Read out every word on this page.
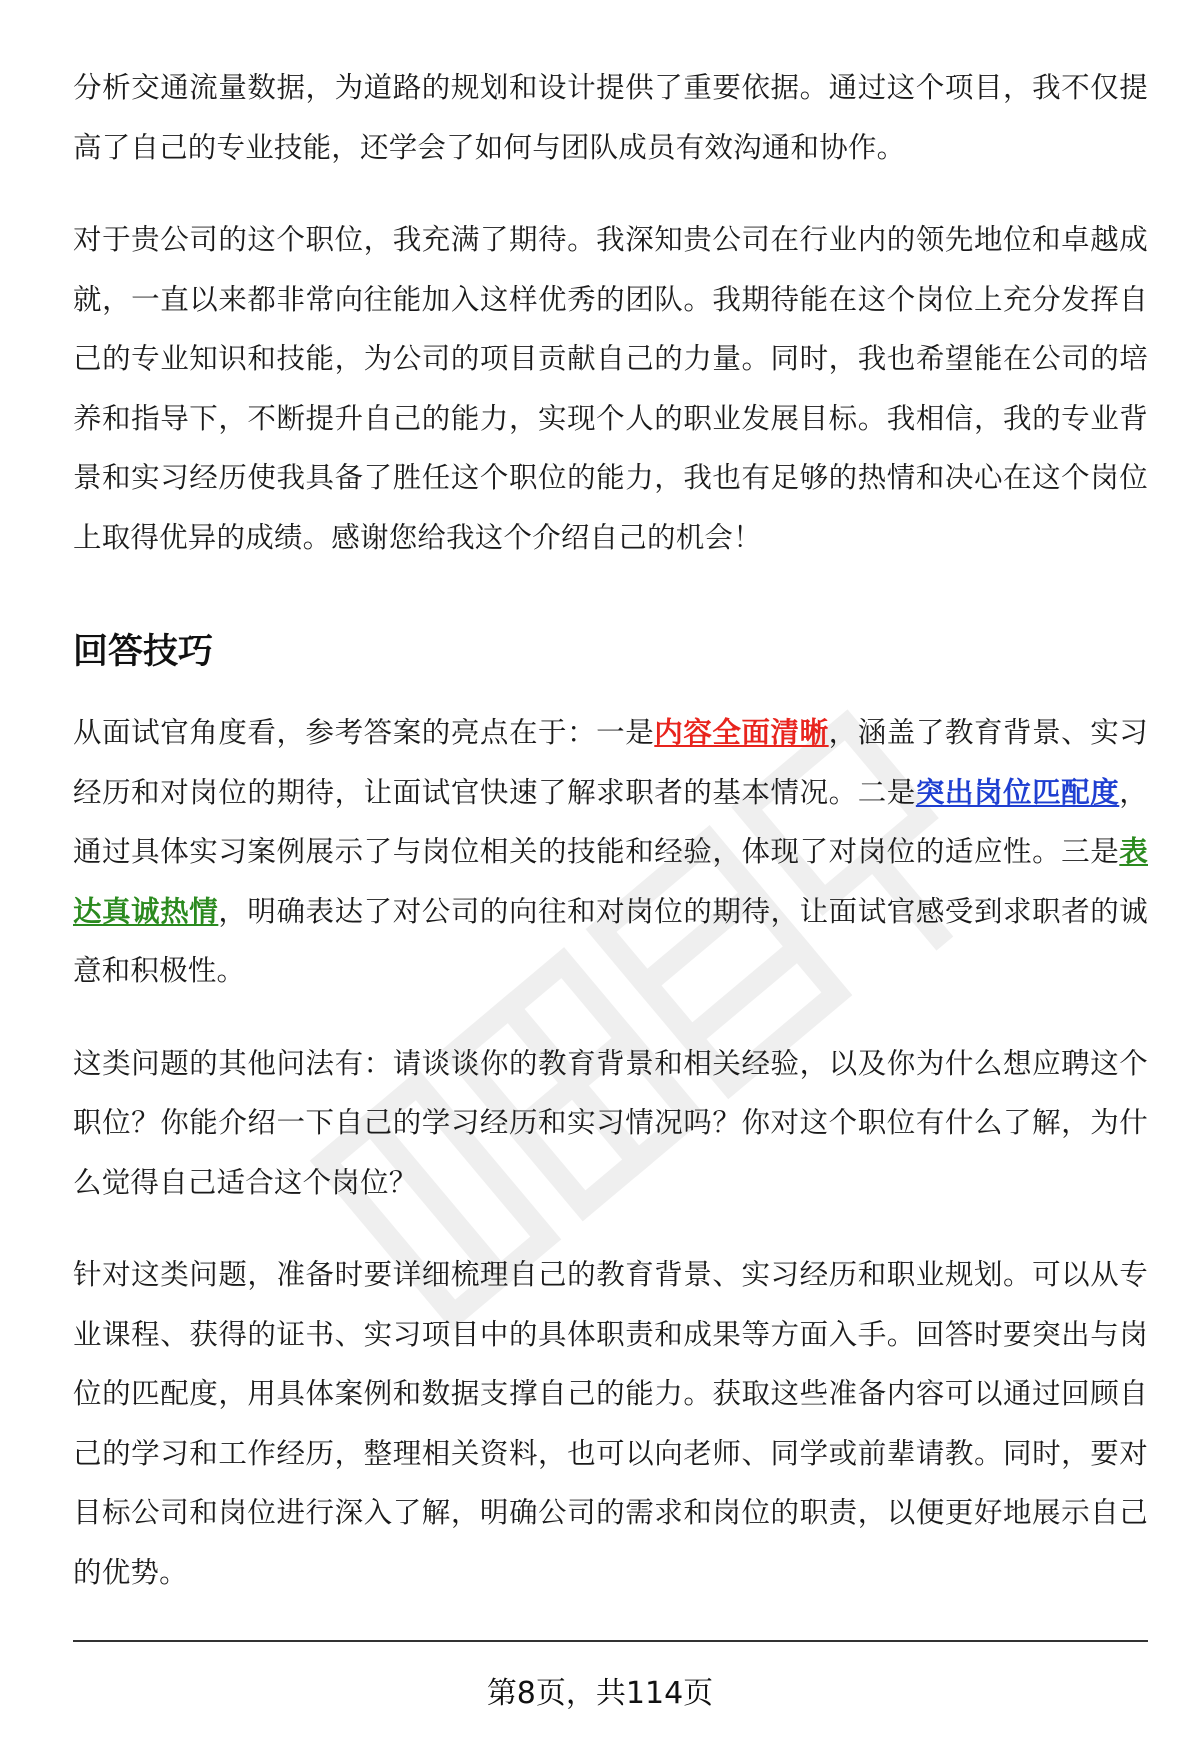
分析交通流量数据，为道路的规划和设计提供了重要依据。通过这个项目，我不仅提高了自己的专业技能，还学会了如何与团队成员有效沟通和协作。

对于贵公司的这个职位，我充满了期待。我深知贵公司在行业内的领先地位和卓越成就，一直以来都非常向往能加入这样优秀的团队。我期待能在这个岗位上充分发挥自己的专业知识和技能，为公司的项目贡献自己的力量。同时，我也希望能在公司的培养和指导下，不断提升自己的能力，实现个人的职业发展目标。我相信，我的专业背景和实习经历使我具备了胜任这个职位的能力，我也有足够的热情和决心在这个岗位上取得优异的成绩。感谢您给我这个介绍自己的机会！

回答技巧

从面试官角度看，参考答案的亮点在于：一是内容全面清晰，涵盖了教育背景、实习经历和对岗位的期待，让面试官快速了解求职者的基本情况。二是突出岗位匹配度，通过具体实习案例展示了与岗位相关的技能和经验，体现了对岗位的适应性。三是表达真诚热情，明确表达了对公司的向往和对岗位的期待，让面试官感受到求职者的诚意和积极性。

这类问题的其他问法有：请谈谈你的教育背景和相关经验，以及你为什么想应聘这个职位？你能介绍一下自己的学习经历和实习情况吗？你对这个职位有什么了解，为什么觉得自己适合这个岗位？

针对这类问题，准备时要详细梳理自己的教育背景、实习经历和职业规划。可以从专业课程、获得的证书、实习项目中的具体职责和成果等方面入手。回答时要突出与岗位的匹配度，用具体案例和数据支撑自己的能力。获取这些准备内容可以通过回顾自己的学习和工作经历，整理相关资料，也可以向老师、同学或前辈请教。同时，要对目标公司和岗位进行深入了解，明确公司的需求和岗位的职责，以便更好地展示自己的优势。

第8页，共114页
